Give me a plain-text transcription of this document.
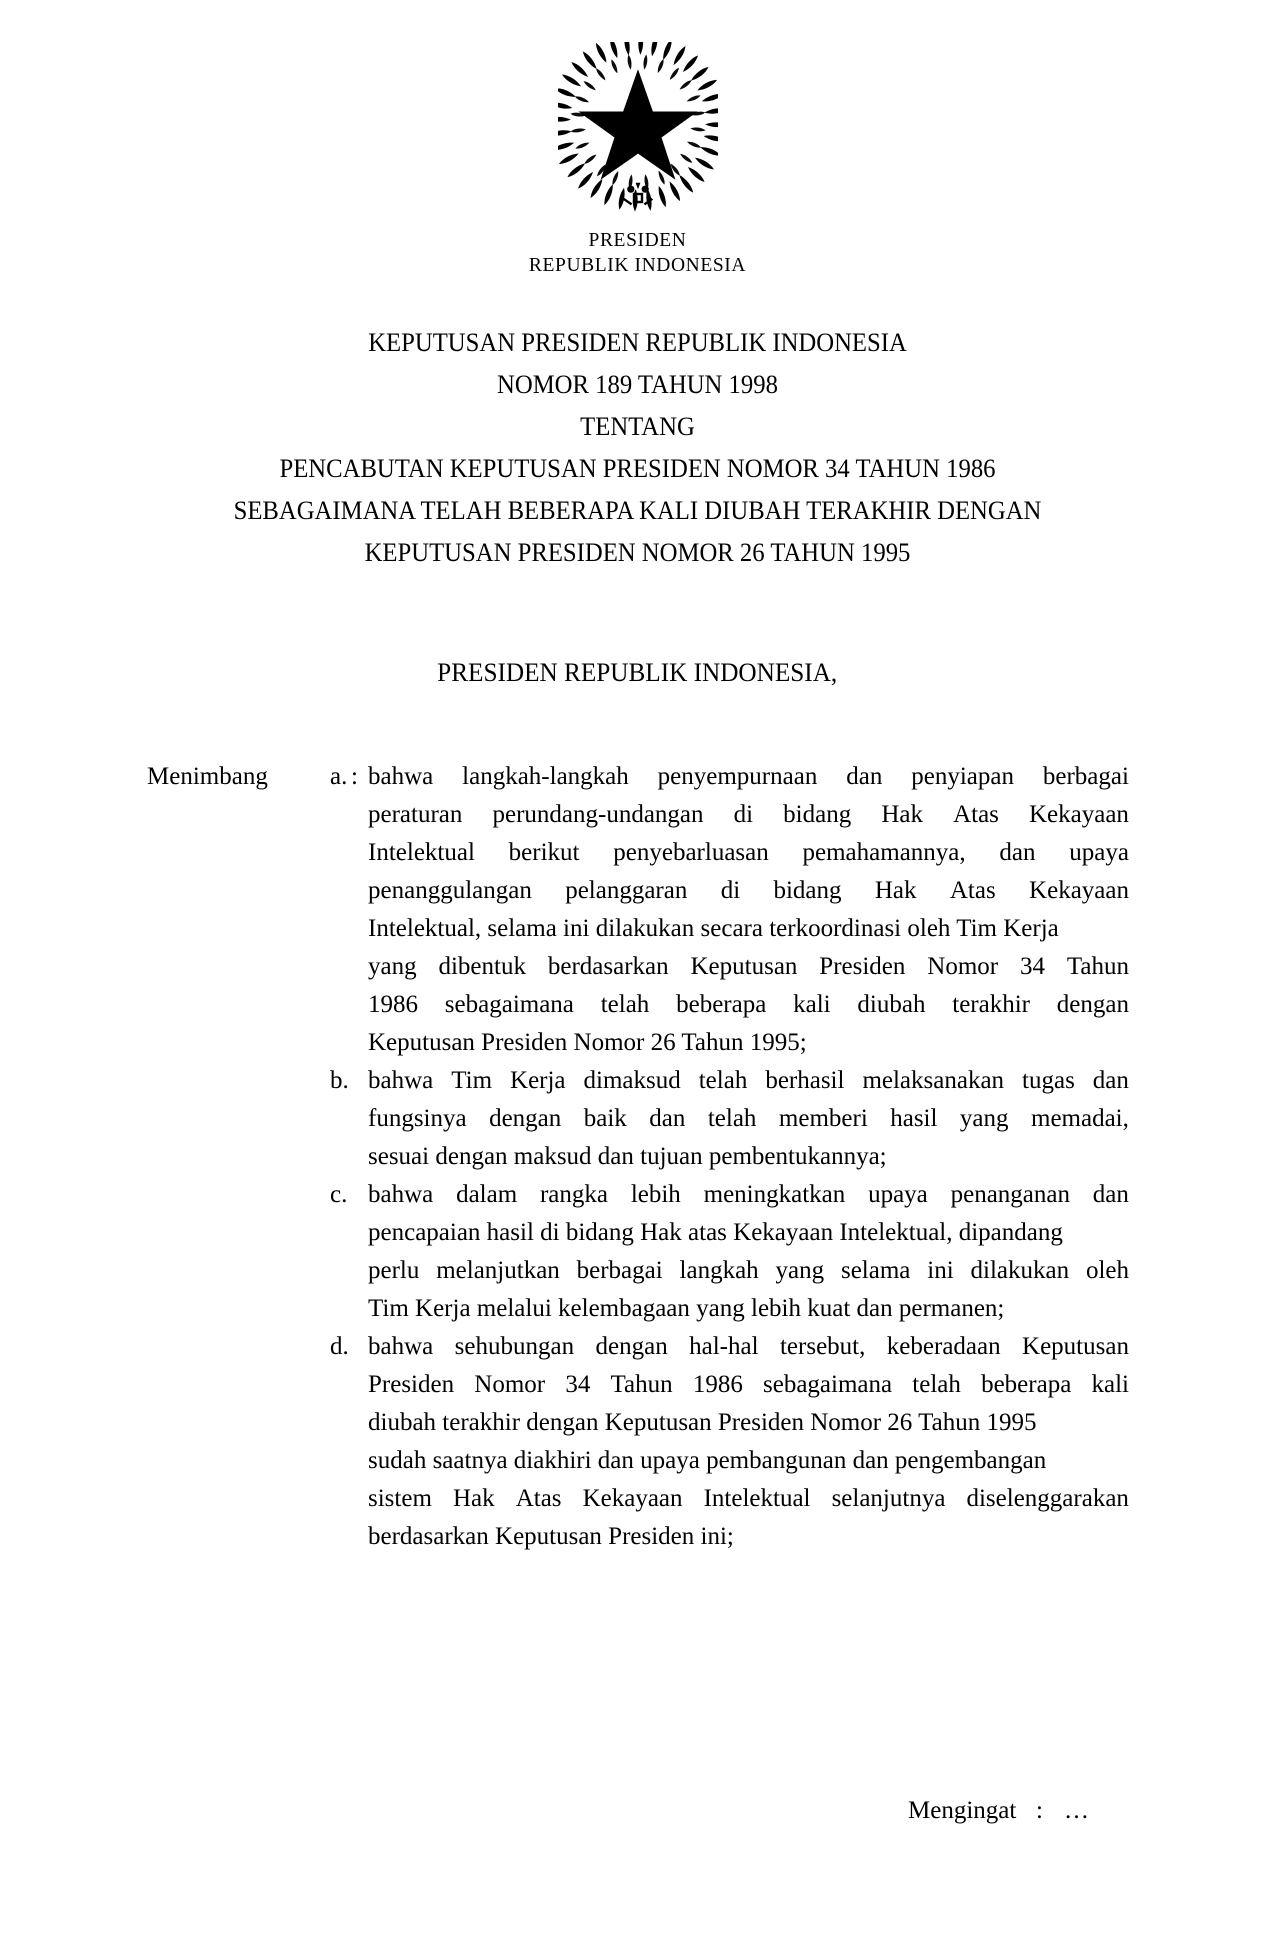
PRESIDEN
REPUBLIK INDONESIA
KEPUTUSAN PRESIDEN REPUBLIK INDONESIA
NOMOR 189 TAHUN 1998
TENTANG
PENCABUTAN KEPUTUSAN PRESIDEN NOMOR 34 TAHUN 1986
SEBAGAIMANA TELAH BEBERAPA KALI DIUBAH TERAKHIR DENGAN
KEPUTUSAN PRESIDEN NOMOR 26 TAHUN 1995
PRESIDEN REPUBLIK INDONESIA,
Menimbang	:
a. bahwa langkah-langkah penyempurnaan dan penyiapan berbagai
peraturan perundang-undangan di bidang Hak Atas Kekayaan
Intelektual berikut penyebarluasan pemahamannya, dan upaya
penanggulangan pelanggaran di bidang Hak Atas Kekayaan
Intelektual, selama ini dilakukan secara terkoordinasi oleh Tim Kerja
yang dibentuk berdasarkan Keputusan Presiden Nomor 34 Tahun
1986 sebagaimana telah beberapa kali diubah terakhir dengan
Keputusan Presiden Nomor 26 Tahun 1995;
b. bahwa Tim Kerja dimaksud telah berhasil melaksanakan tugas dan
fungsinya dengan baik dan telah memberi hasil yang memadai,
sesuai dengan maksud dan tujuan pembentukannya;
c. bahwa dalam rangka lebih meningkatkan upaya penanganan dan
pencapaian hasil di bidang Hak atas Kekayaan Intelektual, dipandang
perlu melanjutkan berbagai langkah yang selama ini dilakukan oleh
Tim Kerja melalui kelembagaan yang lebih kuat dan permanen;
d. bahwa sehubungan dengan hal-hal tersebut, keberadaan Keputusan
Presiden Nomor 34 Tahun 1986 sebagaimana telah beberapa kali
diubah terakhir dengan Keputusan Presiden Nomor 26 Tahun 1995
sudah saatnya diakhiri dan upaya pembangunan dan pengembangan
sistem Hak Atas Kekayaan Intelektual selanjutnya diselenggarakan
berdasarkan Keputusan Presiden ini;
Mengingat : …
